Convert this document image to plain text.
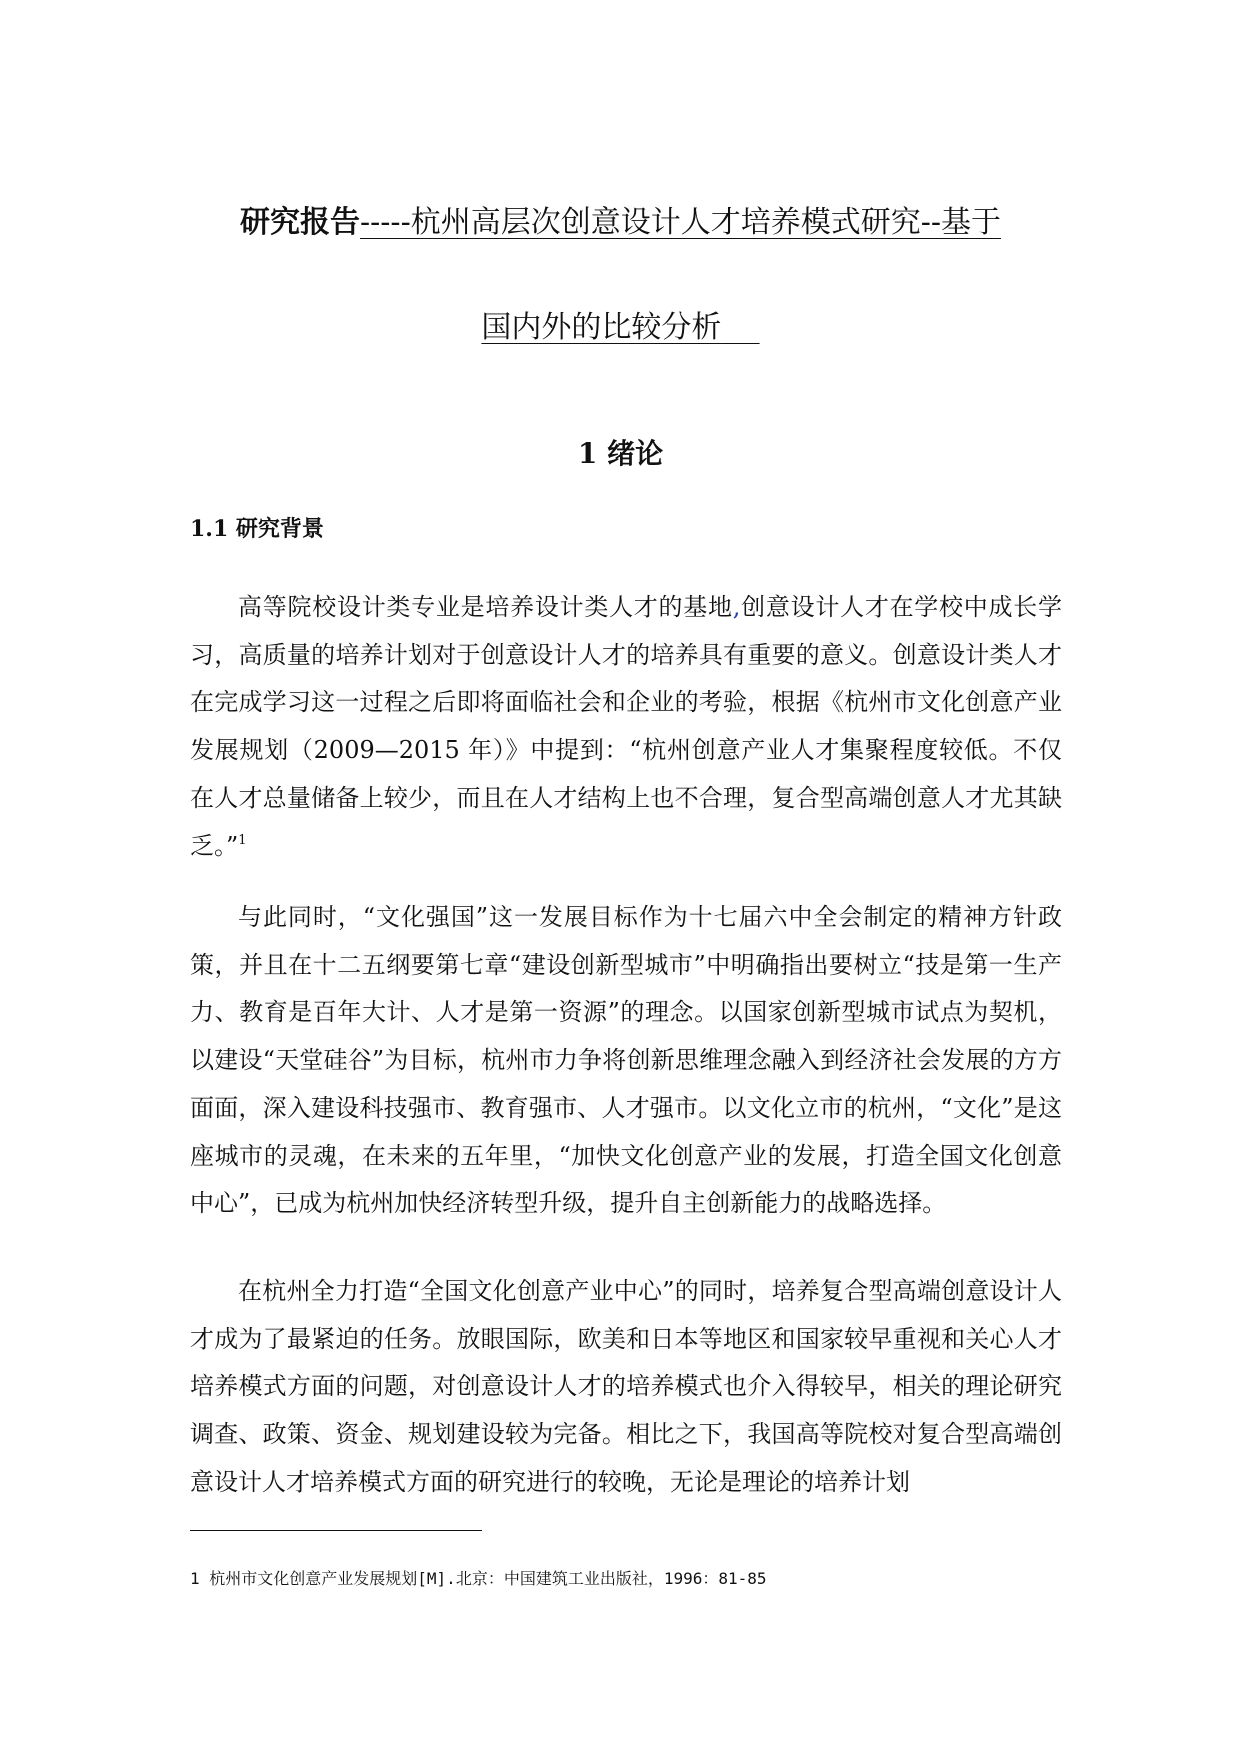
研究报告-----杭州高层次创意设计人才培养模式研究--基于
国内外的比较分析
1 绪论
1.1 研究背景

高等院校设计类专业是培养设计类人才的基地,创意设计人才在学校中成长学习，高质量的培养计划对于创意设计人才的培养具有重要的意义。创意设计类人才在完成学习这一过程之后即将面临社会和企业的考验，根据《杭州市文化创意产业发展规划（2009—2015 年）》中提到：“杭州创意产业人才集聚程度较低。不仅在人才总量储备上较少，而且在人才结构上也不合理，复合型高端创意人才尤其缺乏。”$^1$

与此同时，“文化强国”这一发展目标作为十七届六中全会制定的精神方针政策，并且在十二五纲要第七章“建设创新型城市”中明确指出要树立“技是第一生产力、教育是百年大计、人才是第一资源”的理念。以国家创新型城市试点为契机，以建设“天堂硅谷”为目标，杭州市力争将创新思维理念融入到经济社会发展的方方面面，深入建设科技强市、教育强市、人才强市。以文化立市的杭州，“文化”是这座城市的灵魂，在未来的五年里，“加快文化创意产业的发展，打造全国文化创意中心”，已成为杭州加快经济转型升级，提升自主创新能力的战略选择。

在杭州全力打造“全国文化创意产业中心”的同时，培养复合型高端创意设计人才成为了最紧迫的任务。放眼国际，欧美和日本等地区和国家较早重视和关心人才培养模式方面的问题，对创意设计人才的培养模式也介入得较早，相关的理论研究调查、政策、资金、规划建设较为完备。相比之下，我国高等院校对复合型高端创意设计人才培养模式方面的研究进行的较晚，无论是理论的培养计划

1 杭州市文化创意产业发展规划[M].北京：中国建筑工业出版社，1996：81-85
